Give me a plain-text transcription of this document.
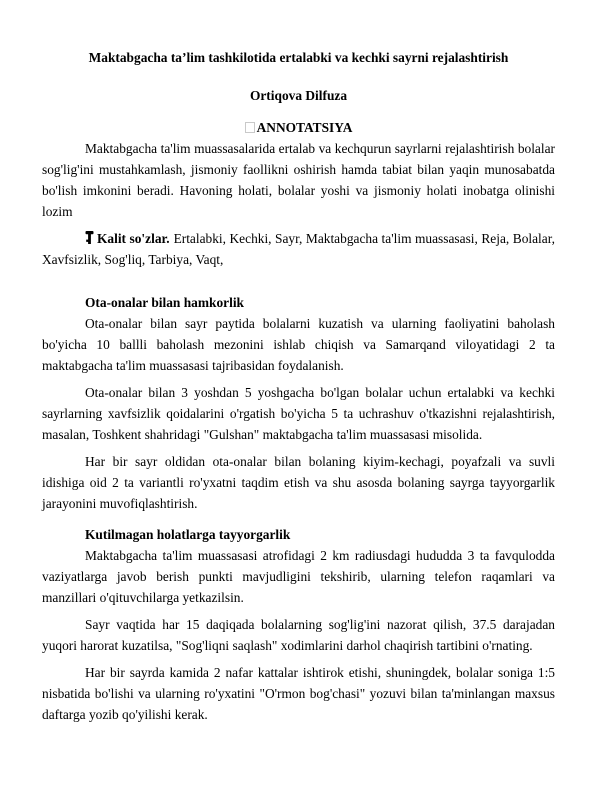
Maktabgacha ta’lim tashkilotida ertalabki va kechki sayrni rejalashtirish
Ortiqova Dilfuza
ANNOTATSIYA

Maktabgacha ta'lim muassasalarida ertalab va kechqurun sayrlarni rejalashtirish bolalar sog'lig'ini mustahkamlash, jismoniy faollikni oshirish hamda tabiat bilan yaqin munosabatda bo'lish imkonini beradi. Havoning holati, bolalar yoshi va jismoniy holati inobatga olinishi lozim

Kalit so'zlar. Ertalabki, Kechki, Sayr, Maktabgacha ta'lim muassasasi, Reja, Bolalar, Xavfsizlik, Sog'liq, Tarbiya, Vaqt,

Ota-onalar bilan hamkorlik

Ota-onalar bilan sayr paytida bolalarni kuzatish va ularning faoliyatini baholash bo'yicha 10 ballli baholash mezonini ishlab chiqish va Samarqand viloyatidagi 2 ta maktabgacha ta'lim muassasasi tajribasidan foydalanish.

Ota-onalar bilan 3 yoshdan 5 yoshgacha bo'lgan bolalar uchun ertalabki va kechki sayrlarning xavfsizlik qoidalarini o'rgatish bo'yicha 5 ta uchrashuv o'tkazishni rejalashtirish, masalan, Toshkent shahridagi "Gulshan" maktabgacha ta'lim muassasasi misolida.

Har bir sayr oldidan ota-onalar bilan bolaning kiyim-kechagi, poyafzali va suvli idishiga oid 2 ta variantli ro'yxatni taqdim etish va shu asosda bolaning sayrga tayyorgarlik jarayonini muvofiqlashtirish.

Kutilmagan holatlarga tayyorgarlik

Maktabgacha ta'lim muassasasi atrofidagi 2 km radiusdagi hududda 3 ta favqulodda vaziyatlarga javob berish punkti mavjudligini tekshirib, ularning telefon raqamlari va manzillari o'qituvchilarga yetkazilsin.

Sayr vaqtida har 15 daqiqada bolalarning sog'lig'ini nazorat qilish, 37.5 darajadan yuqori harorat kuzatilsa, "Sog'liqni saqlash" xodimlarini darhol chaqirish tartibini o'rnating.

Har bir sayrda kamida 2 nafar kattalar ishtirok etishi, shuningdek, bolalar soniga 1:5 nisbatida bo'lishi va ularning ro'yxatini "O'rmon bog'chasi" yozuvi bilan ta'minlangan maxsus daftarga yozib qo'yilishi kerak.
